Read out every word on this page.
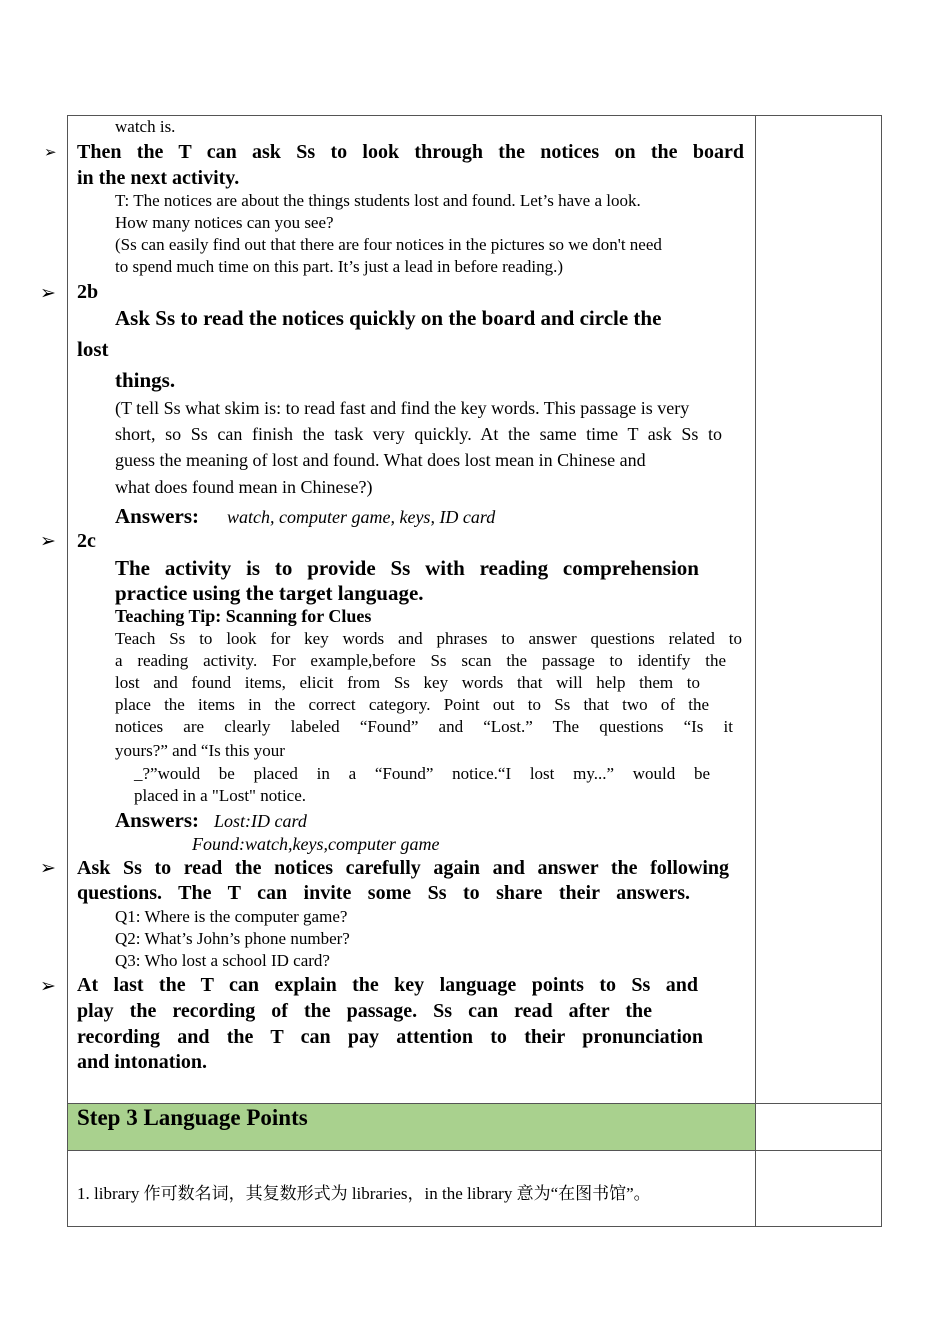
➢
➢
➢
➢
➢
watch is.
Then the T can ask Ss to look through the notices on the board
in the next activity.
T: The notices are about the things students lost and found. Let’s have a look.
How many notices can you see?
(Ss can easily find out that there are four notices in the pictures so we don't need
to spend much time on this part. It’s just a lead in before reading.)
2b
Ask Ss to read the notices quickly on the board and circle the
lost
things.
(T tell Ss what skim is: to read fast and find the key words. This passage is very
short, so Ss can finish the task very quickly. At the same time T ask Ss to
guess the meaning of lost and found. What does lost mean in Chinese and
what does found mean in Chinese?)
Answers: watch, computer game, keys, ID card
2c
The activity is to provide Ss with reading comprehension
practice using the target language.
Teaching Tip: Scanning for Clues
Teach Ss to look for key words and phrases to answer questions related to
a reading activity. For example,before Ss scan the passage to identify the
lost and found items, elicit from Ss key words that will help them to
place the items in the correct category. Point out to Ss that two of the
notices are clearly labeled “Found” and “Lost.” The questions “Is it
yours?” and “Is this your
_?”would be placed in a “Found” notice.“I lost my...” would be
placed in a "Lost" notice.
Answers: Lost:ID card
Found:watch,keys,computer game
Ask Ss to read the notices carefully again and answer the following
questions. The T can invite some Ss to share their answers.
Q1: Where is the computer game?
Q2: What’s John’s phone number?
Q3: Who lost a school ID card?
At last the T can explain the key language points to Ss and
play the recording of the passage. Ss can read after the
recording and the T can pay attention to their pronunciation
and intonation.
Step 3 Language Points
1. library 作可数名词，其复数形式为 libraries，in the library 意为“在图书馆”。
